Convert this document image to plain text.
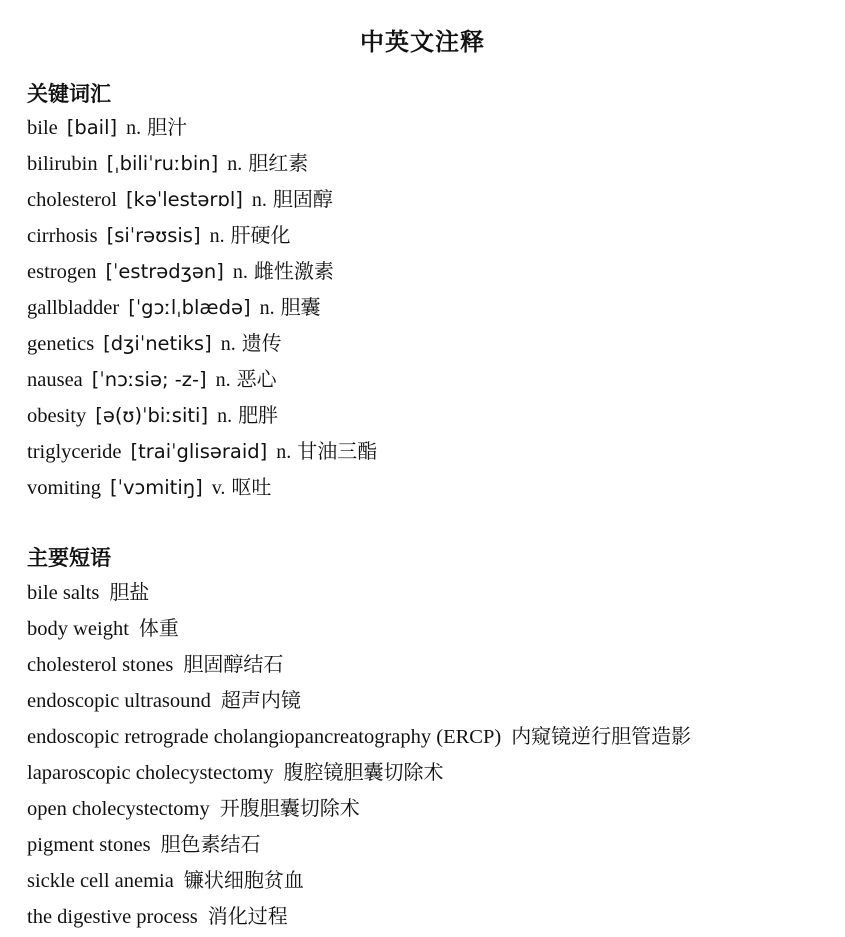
中英文注释
关键词汇
bile [bail] n. 胆汁
bilirubin [ˌbiliˈruːbin] n. 胆红素
cholesterol [kəˈlestərɒl] n. 胆固醇
cirrhosis [siˈrəʊsis] n. 肝硬化
estrogen [ˈestrədʒən] n. 雌性激素
gallbladder [ˈgɔːlˌblædə] n. 胆囊
genetics [dʒiˈnetiks] n. 遗传
nausea [ˈnɔːsiə; -z-] n. 恶心
obesity [ə(ʊ)ˈbiːsiti] n. 肥胖
triglyceride [traiˈglisəraid] n. 甘油三酯
vomiting [ˈvɔmitiŋ] v. 呕吐
主要短语
bile salts 胆盐
body weight 体重
cholesterol stones 胆固醇结石
endoscopic ultrasound 超声内镜
endoscopic retrograde cholangiopancreatography (ERCP) 内窥镜逆行胆管造影
laparoscopic cholecystectomy 腹腔镜胆囊切除术
open cholecystectomy 开腹胆囊切除术
pigment stones 胆色素结石
sickle cell anemia 镰状细胞贫血
the digestive process 消化过程
